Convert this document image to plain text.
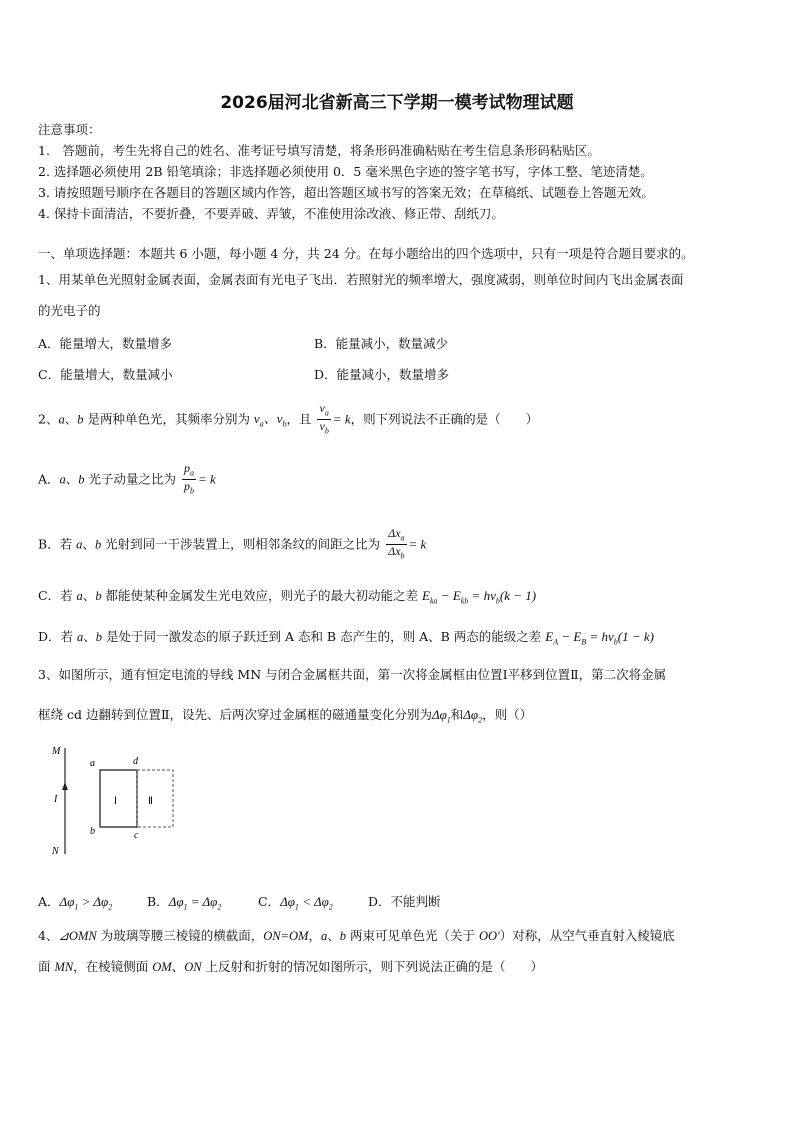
2026届河北省新高三下学期一模考试物理试题
注意事项：
1.　答题前，考生先将自己的姓名、准考证号填写清楚，将条形码准确粘贴在考生信息条形码粘贴区。
2. 选择题必须使用 2B 铅笔填涂；非选择题必须使用 0．5 毫米黑色字迹的签字笔书写，字体工整、笔迹清楚。
3. 请按照题号顺序在各题目的答题区域内作答，超出答题区域书写的答案无效；在草稿纸、试题卷上答题无效。
4. 保持卡面清洁，不要折叠，不要弄破、弄皱，不准使用涂改液、修正带、刮纸刀。
一、单项选择题：本题共 6 小题，每小题 4 分，共 24 分。在每小题给出的四个选项中，只有一项是符合题目要求的。
1、用某单色光照射金属表面，金属表面有光电子飞出．若照射光的频率增大，强度减弱，则单位时间内飞出金属表面
的光电子的
A．能量增大，数量增多	B．能量减小，数量减少
C．能量增大，数量减小	D．能量减小，数量增多
2、a、b 是两种单色光，其频率分别为 $\nu_a$、$\nu_b$，且 $\frac{\nu_a}{\nu_b} = k$，则下列说法不正确的是（　　）
A．a、b 光子动量之比为 $\frac{p_a}{p_b} = k$
B．若 a、b 光射到同一干涉装置上，则相邻条纹的间距之比为 $\frac{\Delta x_a}{\Delta x_b} = k$
C．若 a、b 都能使某种金属发生光电效应，则光子的最大初动能之差 $E_{ka} - E_{kb} = h\nu_b(k - 1)$
D．若 a、b 是处于同一激发态的原子跃迁到 A 态和 B 态产生的，则 A、B 两态的能级之差 $E_A - E_B = h\nu_b(1 - k)$
3、如图所示，通有恒定电流的导线 MN 与闭合金属框共面，第一次将金属框由位置Ⅰ平移到位置Ⅱ，第二次将金属
框绕 cd 边翻转到位置Ⅱ，设先、后两次穿过金属框的磁通量变化分别为$\Delta\varphi_1$和$\Delta\varphi_2$，则（）
M
I
N
a	d
b	c
Ⅰ	Ⅱ
A．$\Delta\varphi_1 > \Delta\varphi_2$	B．$\Delta\varphi_1 = \Delta\varphi_2$	C．$\Delta\varphi_1 < \Delta\varphi_2$	D．不能判断
4、⊿OMN 为玻璃等腰三棱镜的横截面，ON=OM，a、b 两束可见单色光（关于 OO′）对称，从空气垂直射入棱镜底
面 MN，在棱镜侧面 OM、ON 上反射和折射的情况如图所示，则下列说法正确的是（　　）
